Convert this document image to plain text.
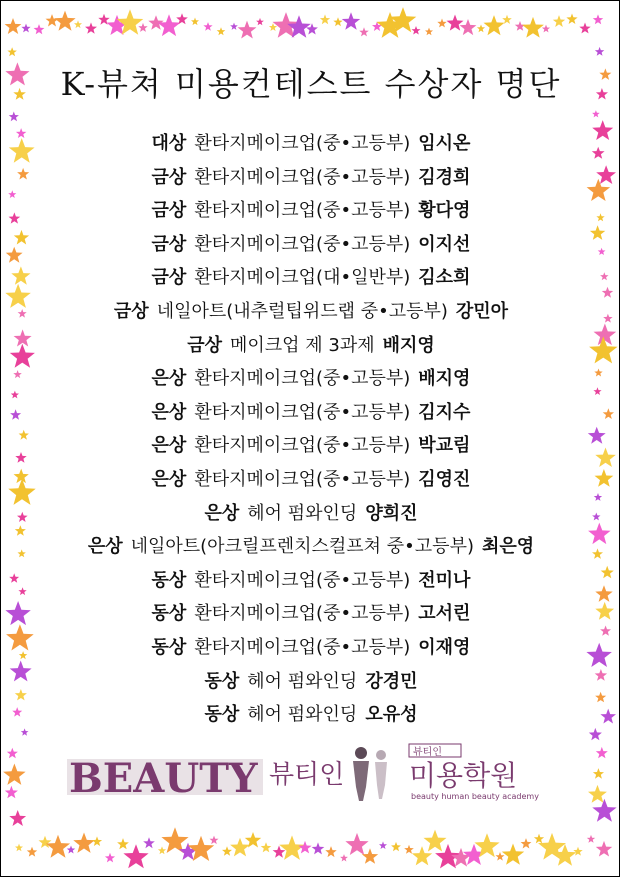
K-뷰쳐 미용컨테스트 수상자 명단
대상 환타지메이크업(중•고등부) 임시온
금상 환타지메이크업(중•고등부) 김경희
금상 환타지메이크업(중•고등부) 황다영
금상 환타지메이크업(중•고등부) 이지선
금상 환타지메이크업(대•일반부) 김소희
금상 네일아트(내추럴팁위드랩 중•고등부) 강민아
금상 메이크업 제 3과제 배지영
은상 환타지메이크업(중•고등부) 배지영
은상 환타지메이크업(중•고등부) 김지수
은상 환타지메이크업(중•고등부) 박교림
은상 환타지메이크업(중•고등부) 김영진
은상 헤어 펌와인딩 양희진
은상 네일아트(아크릴프렌치스컬프쳐 중•고등부) 최은영
동상 환타지메이크업(중•고등부) 전미나
동상 환타지메이크업(중•고등부) 고서린
동상 환타지메이크업(중•고등부) 이재영
동상 헤어 펌와인딩 강경민
동상 헤어 펌와인딩 오유성
BEAUTY 뷰티인
뷰티인
미용학원
beauty human beauty academy
